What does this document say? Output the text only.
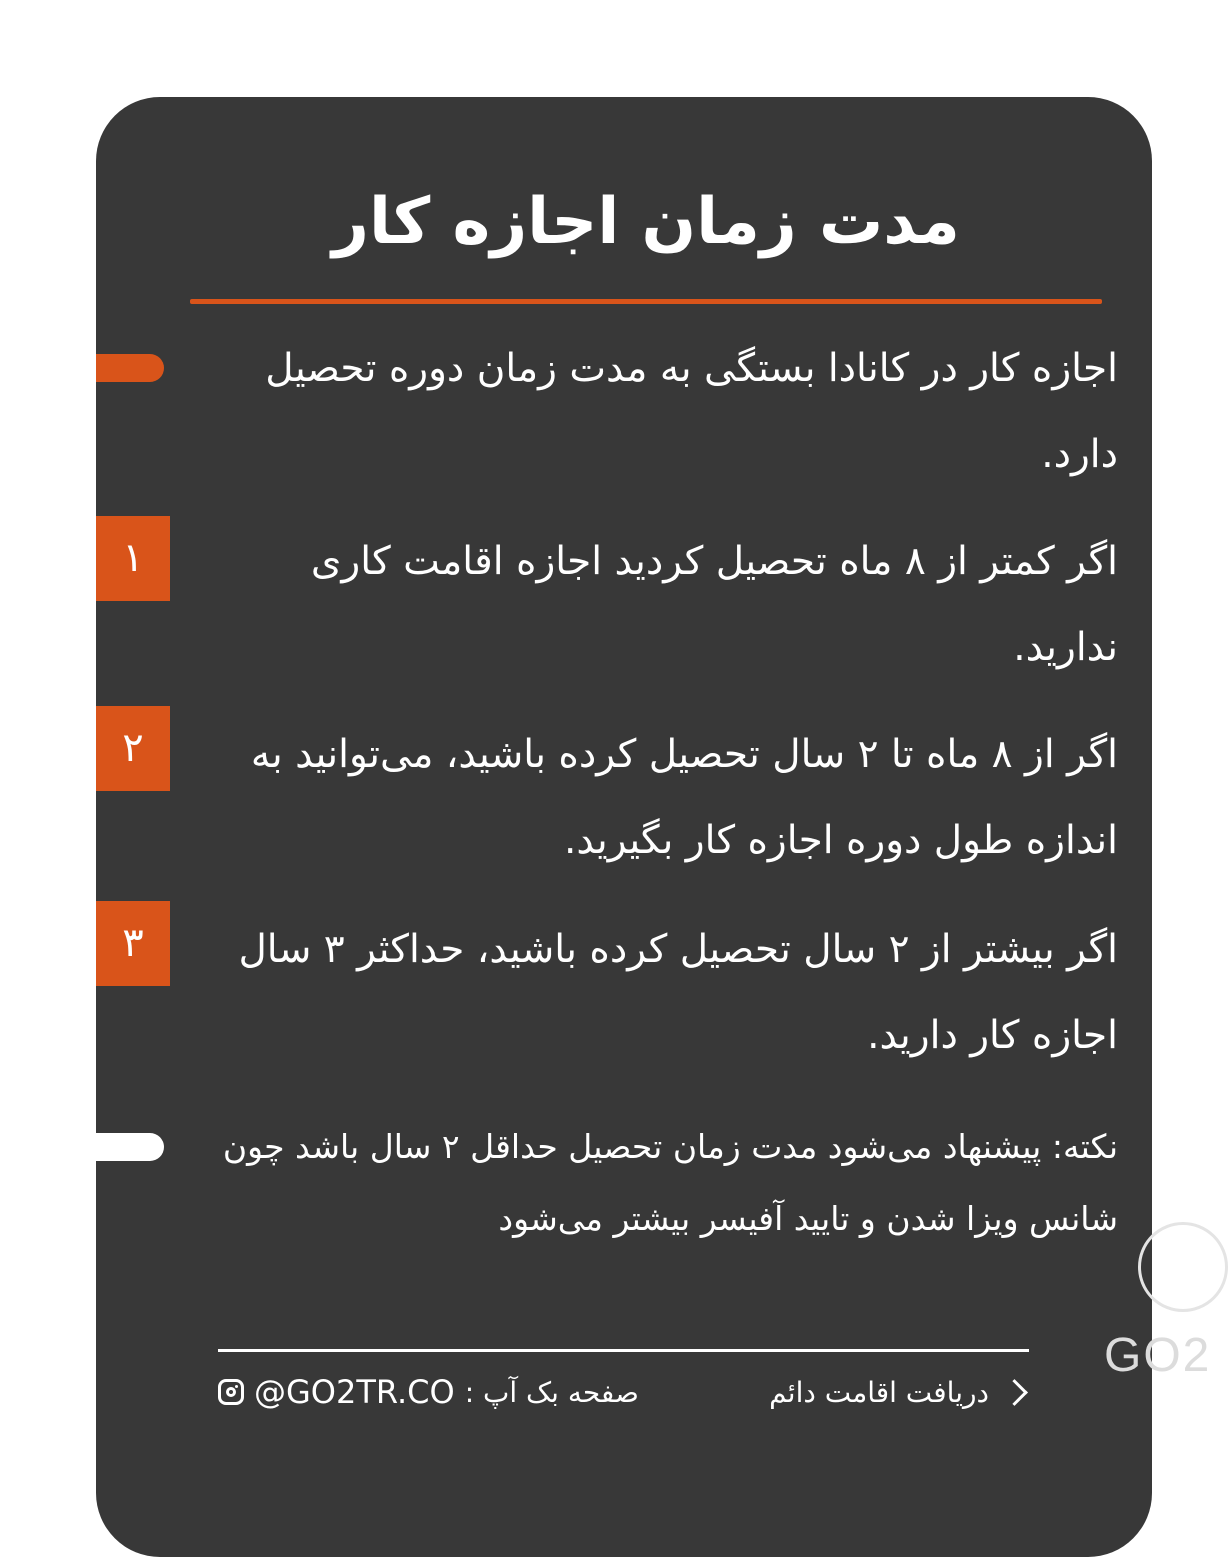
مدت زمان اجازه کار

اجازه کار در کانادا بستگی به مدت زمان دوره تحصیل دارد.

۱	اگر کمتر از ۸ ماه تحصیل کردید اجازه اقامت کاری ندارید.

۲	اگر از ۸ ماه تا ۲ سال تحصیل کرده باشید، می‌توانید به اندازه طول دوره اجازه کار بگیرید.

۳	اگر بیشتر از ۲ سال تحصیل کرده باشید، حداکثر ۳ سال اجازه کار دارید.

نکته: پیشنهاد می‌شود مدت زمان تحصیل حداقل ۲ سال باشد چون شانس ویزا شدن و تایید آفیسر بیشتر می‌شود

@GO2TR.CO صفحه بک آپ :	دریافت اقامت دائم
GO2
